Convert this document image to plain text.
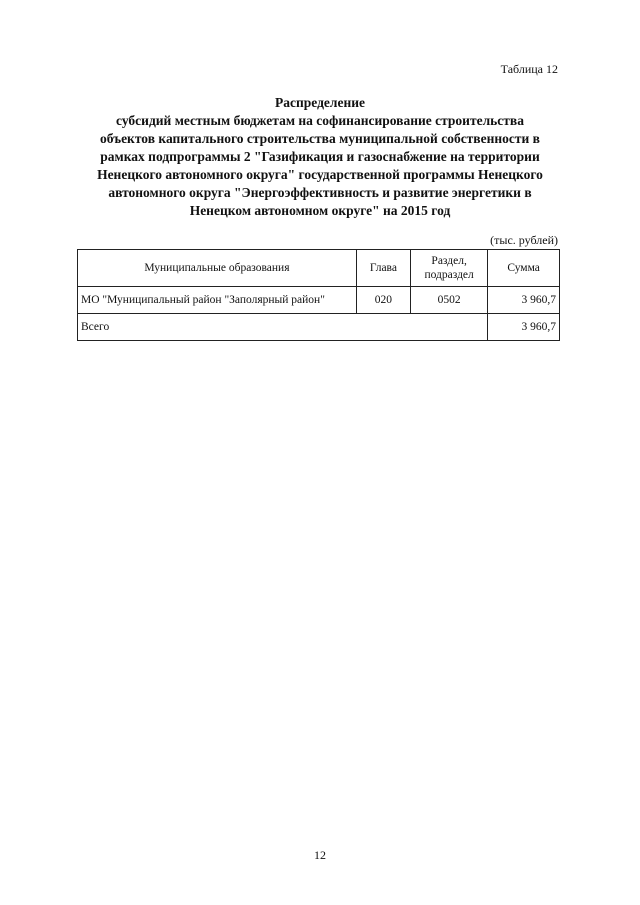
Таблица 12
Распределение
субсидий местным бюджетам на софинансирование строительства
объектов капитального строительства муниципальной собственности в
рамках подпрограммы 2 "Газификация и газоснабжение на территории
Ненецкого автономного округа" государственной программы Ненецкого
автономного округа "Энергоэффективность и развитие энергетики в
Ненецком автономном округе" на 2015 год
(тыс. рублей)
Муниципальные образования	Глава	Раздел,
подраздел	Сумма
МО "Муниципальный район "Заполярный район"	020	0502	3 960,7
Всего			3 960,7
12
